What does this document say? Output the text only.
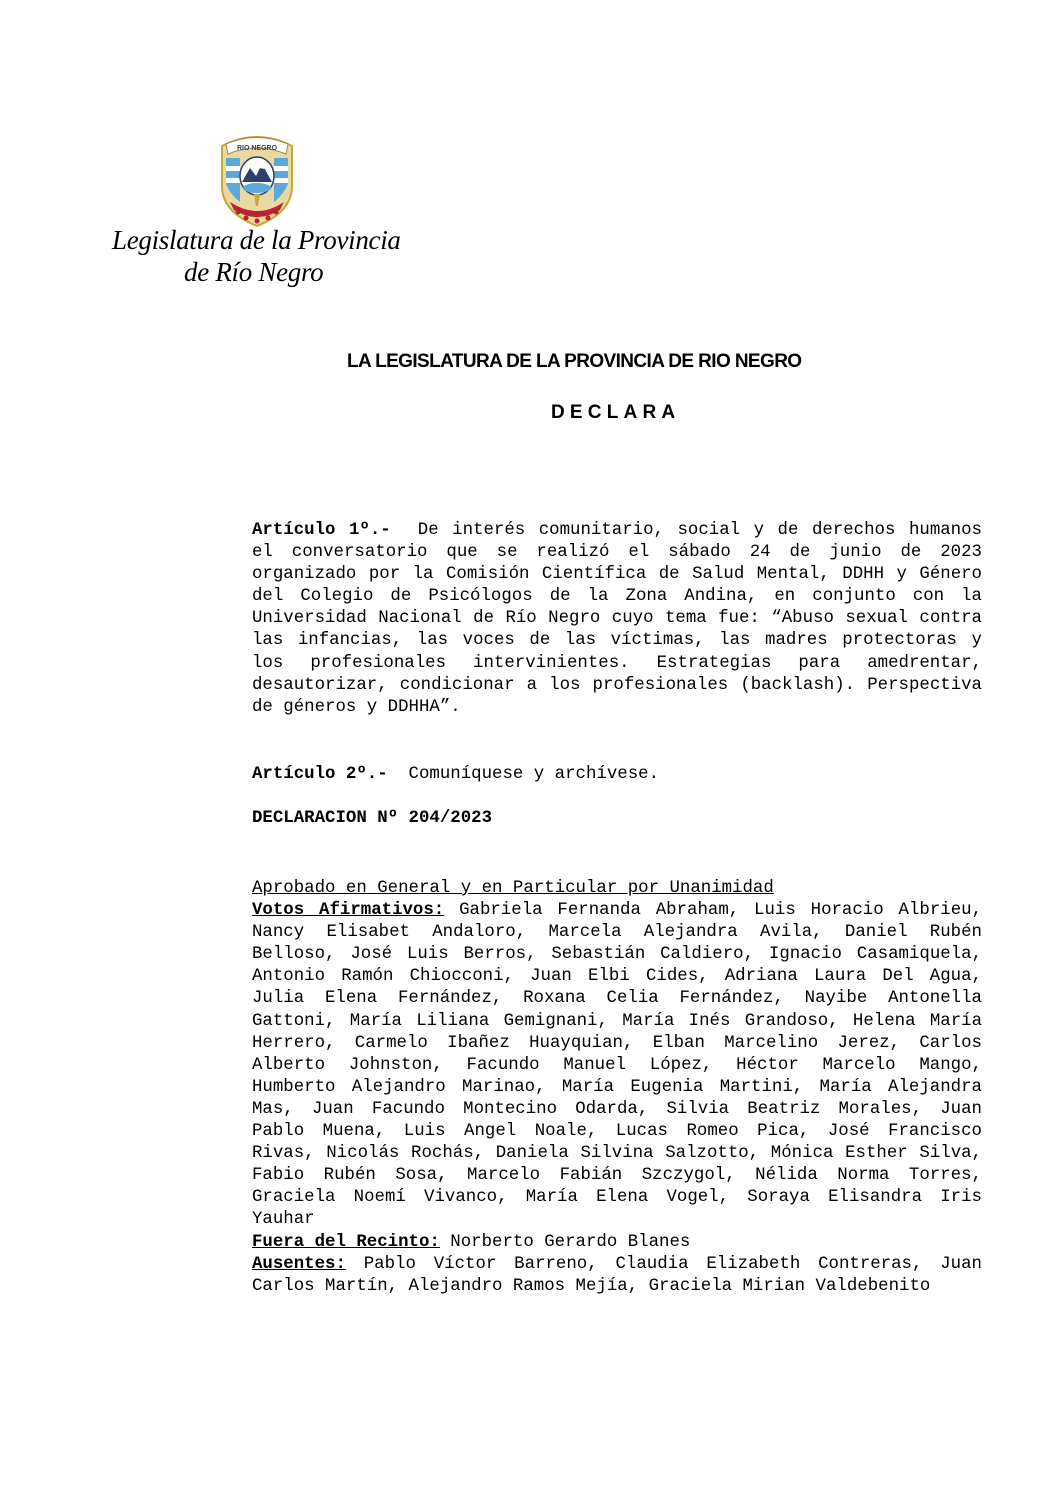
RIO NEGRO
Legislatura de la Provincia
de Río Negro
LA LEGISLATURA DE LA PROVINCIA DE RIO NEGRO
DECLARA
Artículo 1º.- De interés comunitario, social y de derechos humanos el conversatorio que se realizó el sábado 24 de junio de 2023 organizado por la Comisión Científica de Salud Mental, DDHH y Género del Colegio de Psicólogos de la Zona Andina, en conjunto con la Universidad Nacional de Río Negro cuyo tema fue: “Abuso sexual contra las infancias, las voces de las víctimas, las madres protectoras y los profesionales intervinientes. Estrategias para amedrentar, desautorizar, condicionar a los profesionales (backlash). Perspectiva de géneros y DDHHA”.
Artículo 2º.- Comuníquese y archívese.
DECLARACION Nº 204/2023
Aprobado en General y en Particular por Unanimidad
Votos Afirmativos: Gabriela Fernanda Abraham, Luis Horacio Albrieu, Nancy Elisabet Andaloro, Marcela Alejandra Avila, Daniel Rubén Belloso, José Luis Berros, Sebastián Caldiero, Ignacio Casamiquela, Antonio Ramón Chiocconi, Juan Elbi Cides, Adriana Laura Del Agua, Julia Elena Fernández, Roxana Celia Fernández, Nayibe Antonella Gattoni, María Liliana Gemignani, María Inés Grandoso, Helena María Herrero, Carmelo Ibañez Huayquian, Elban Marcelino Jerez, Carlos Alberto Johnston, Facundo Manuel López, Héctor Marcelo Mango, Humberto Alejandro Marinao, María Eugenia Martini, María Alejandra Mas, Juan Facundo Montecino Odarda, Silvia Beatriz Morales, Juan Pablo Muena, Luis Angel Noale, Lucas Romeo Pica, José Francisco Rivas, Nicolás Rochás, Daniela Silvina Salzotto, Mónica Esther Silva, Fabio Rubén Sosa, Marcelo Fabián Szczygol, Nélida Norma Torres, Graciela Noemí Vivanco, María Elena Vogel, Soraya Elisandra Iris Yauhar
Fuera del Recinto: Norberto Gerardo Blanes
Ausentes: Pablo Víctor Barreno, Claudia Elizabeth Contreras, Juan Carlos Martín, Alejandro Ramos Mejía, Graciela Mirian Valdebenito
